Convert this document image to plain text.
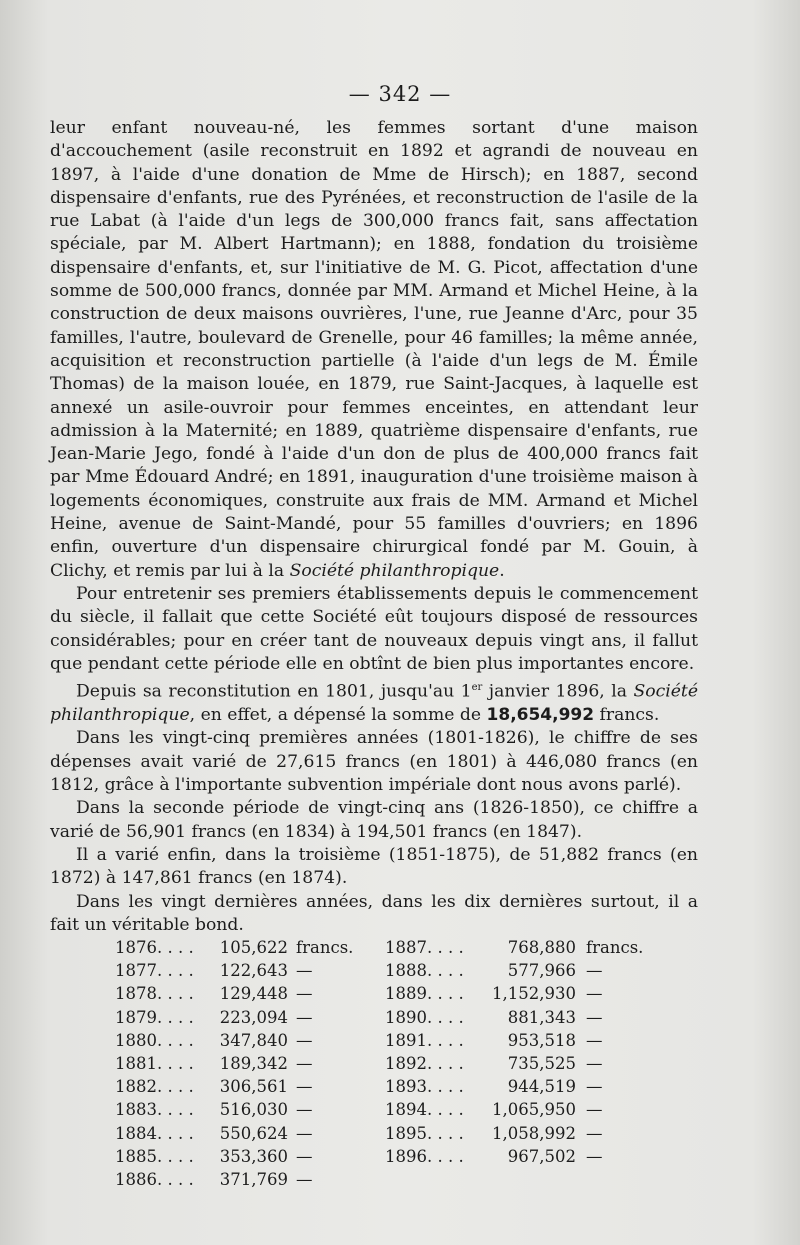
— 342 —

leur enfant nouveau-né, les femmes sortant d'une maison d'accouchement (asile reconstruit en 1892 et agrandi de nouveau en 1897, à l'aide d'une donation de Mme de Hirsch); en 1887, second dispensaire d'enfants, rue des Pyrénées, et reconstruction de l'asile de la rue Labat (à l'aide d'un legs de 300,000 francs fait, sans affectation spéciale, par M. Albert Hartmann); en 1888, fondation du troisième dispensaire d'enfants, et, sur l'initiative de M. G. Picot, affectation d'une somme de 500,000 francs, donnée par MM. Armand et Michel Heine, à la construction de deux maisons ouvrières, l'une, rue Jeanne d'Arc, pour 35 familles, l'autre, boulevard de Grenelle, pour 46 familles; la même année, acquisition et reconstruction partielle (à l'aide d'un legs de M. Émile Thomas) de la maison louée, en 1879, rue Saint-Jacques, à laquelle est annexé un asile-ouvroir pour femmes enceintes, en attendant leur admission à la Maternité; en 1889, quatrième dispensaire d'enfants, rue Jean-Marie Jego, fondé à l'aide d'un don de plus de 400,000 francs fait par Mme Édouard André; en 1891, inauguration d'une troisième maison à logements économiques, construite aux frais de MM. Armand et Michel Heine, avenue de Saint-Mandé, pour 55 familles d'ouvriers; en 1896 enfin, ouverture d'un dispensaire chirurgical fondé par M. Gouin, à Clichy, et remis par lui à la Société philanthropique.

Pour entretenir ses premiers établissements depuis le commencement du siècle, il fallait que cette Société eût toujours disposé de ressources considérables; pour en créer tant de nouveaux depuis vingt ans, il fallut que pendant cette période elle en obtînt de bien plus importantes encore.

Depuis sa reconstitution en 1801, jusqu'au 1er janvier 1896, la Société philanthropique, en effet, a dépensé la somme de 18,654,992 francs.

Dans les vingt-cinq premières années (1801-1826), le chiffre de ses dépenses avait varié de 27,615 francs (en 1801) à 446,080 francs (en 1812, grâce à l'importante subvention impériale dont nous avons parlé).

Dans la seconde période de vingt-cinq ans (1826-1850), ce chiffre a varié de 56,901 francs (en 1834) à 194,501 francs (en 1847).

Il a varié enfin, dans la troisième (1851-1875), de 51,882 francs (en 1872) à 147,861 francs (en 1874).

Dans les vingt dernières années, dans les dix dernières surtout, il a fait un véritable bond.

1876. . . .	105,622 francs. 1887. . . .	768,880 francs.
1877. . . .	122,643 —	1888. . . .	577,966 —
1878. . . .	129,448 —	1889. . . .	1,152,930 —
1879. . . .	223,094 —	1890. . . .	881,343 —
1880. . . .	347,840 —	1891. . . .	953,518 —
1881. . . .	189,342 —	1892. . . .	735,525 —
1882. . . .	306,561 —	1893. . . .	944,519 —
1883. . . .	516,030 —	1894. . . .	1,065,950 —
1884. . . .	550,624 —	1895. . . .	1,058,992 —
1885. . . .	353,360 —	1896. . . .	967,502 —
1886. . . .	371,769 —
